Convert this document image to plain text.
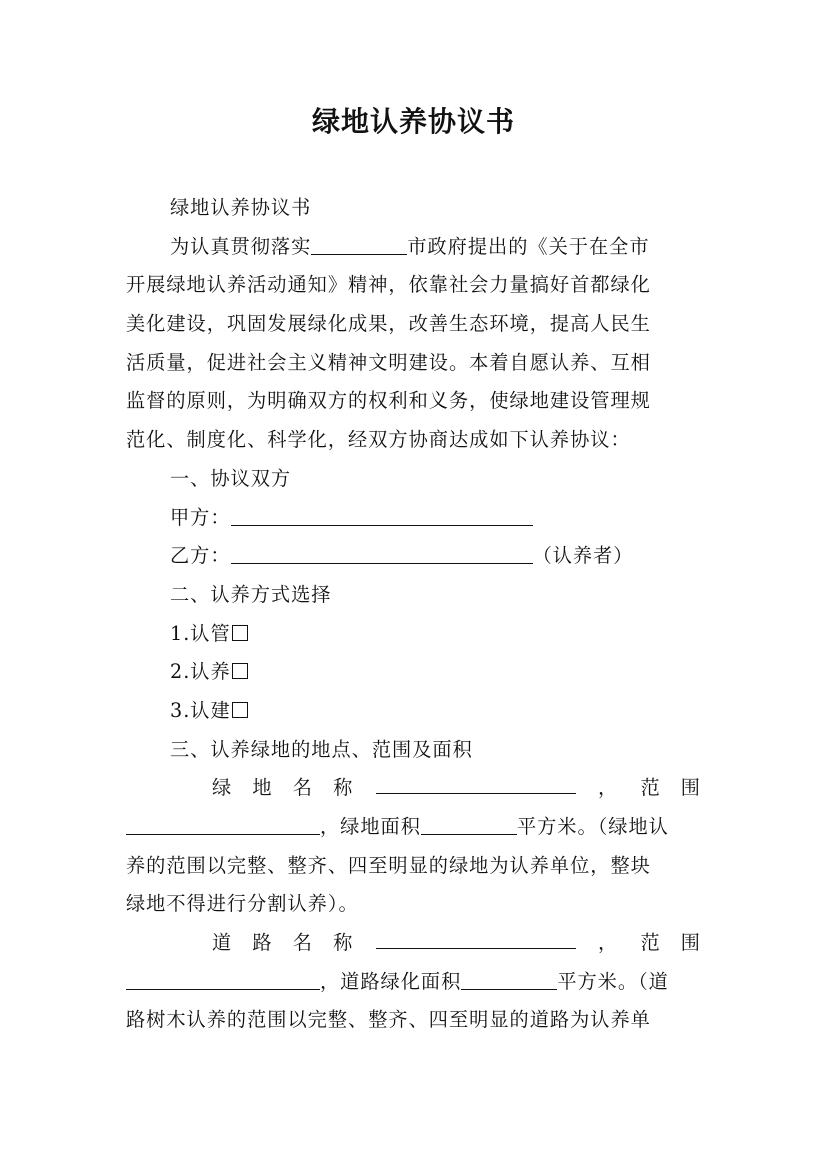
绿地认养协议书
绿地认养协议书
为认真贯彻落实	市政府提出的《关于在全市
开展绿地认养活动通知》精神，依靠社会力量搞好首都绿化
美化建设，巩固发展绿化成果，改善生态环境，提高人民生
活质量，促进社会主义精神文明建设。本着自愿认养、互相
监督的原则，为明确双方的权利和义务，使绿地建设管理规
范化、制度化、科学化，经双方协商达成如下认养协议：
一、协议双方
甲方：
乙方：	（认养者）
二、认养方式选择
1.认管
2.认养
3.认建
三、认养绿地的地点、范围及面积
绿　地　名　称	， 范　围
，绿地面积	平方米。（绿地认
养的范围以完整、整齐、四至明显的绿地为认养单位，整块
绿地不得进行分割认养）。
道　路　名　称	， 范　围
，道路绿化面积	平方米。（道
路树木认养的范围以完整、整齐、四至明显的道路为认养单
